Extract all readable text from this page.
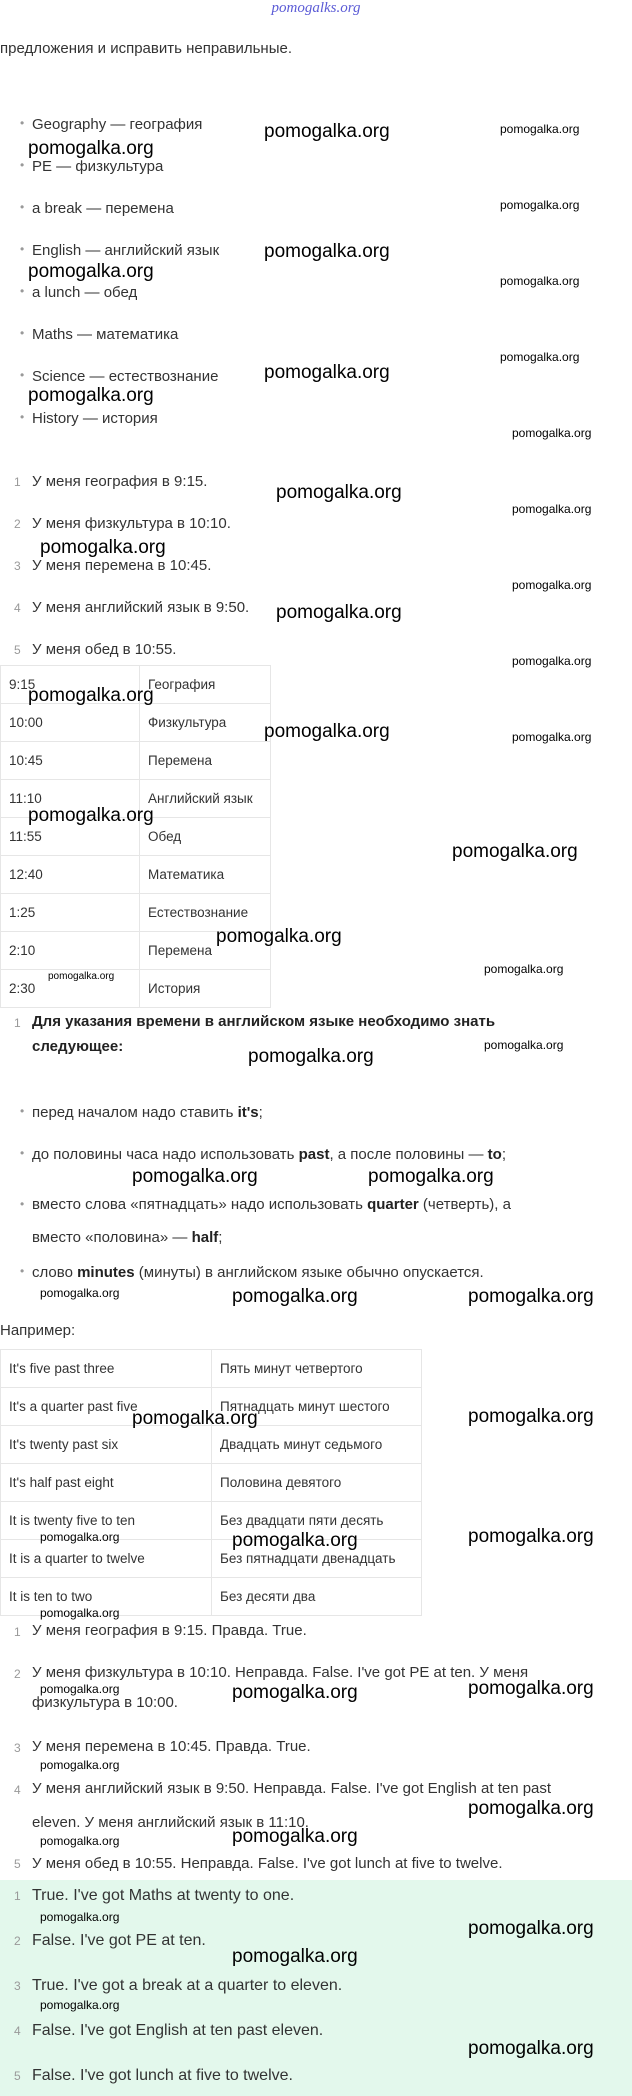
pomogalks.org
предложения и исправить неправильные.
• Geography — география
• PE — физкультура
• a break — перемена
• English — английский язык
• a lunch — обед
• Maths — математика
• Science — естествознание
• History — история
1 У меня география в 9:15.
2 У меня физкультура в 10:10.
3 У меня перемена в 10:45.
4 У меня английский язык в 9:50.
5 У меня обед в 10:55.
9:15	География
10:00	Физкультура
10:45	Перемена
11:10	Английский язык
11:55	Обед
12:40	Математика
1:25	Естествознание
2:10	Перемена
2:30	История
1 Для указания времени в английском языке необходимо знать
следующее:
• перед началом надо ставить it's;
• до половины часа надо использовать past, а после половины — to;
• вместо слова «пятнадцать» надо использовать quarter (четверть), а
вместо «половина» — half;
• слово minutes (минуты) в английском языке обычно опускается.
Например:
It's five past three	Пять минут четвертого
It's a quarter past five	Пятнадцать минут шестого
It's twenty past six	Двадцать минут седьмого
It's half past eight	Половина девятого
It is twenty five to ten	Без двадцати пяти десять
It is a quarter to twelve	Без пятнадцати двенадцать
It is ten to two	Без десяти два
1 У меня география в 9:15. Правда. True.
2 У меня физкультура в 10:10. Неправда. False. I've got PE at ten. У меня
физкультура в 10:00.
3 У меня перемена в 10:45. Правда. True.
4 У меня английский язык в 9:50. Неправда. False. I've got English at ten past
eleven. У меня английский язык в 11:10.
5 У меня обед в 10:55. Неправда. False. I've got lunch at five to twelve.
1 True. I've got Maths at twenty to one.
2 False. I've got PE at ten.
3 True. I've got a break at a quarter to eleven.
4 False. I've got English at ten past eleven.
5 False. I've got lunch at five to twelve.
pomogalka.org	pomogalka.org
pomogalka.org
pomogalka.org
pomogalka.org
pomogalka.org	pomogalka.org
pomogalka.org
pomogalka.org
pomogalka.org
pomogalka.org
pomogalka.org
pomogalka.org
pomogalka.org
pomogalka.org
pomogalka.org
pomogalka.org
pomogalka.org
pomogalka.org
pomogalka.org
pomogalka.org
pomogalka.org
pomogalka.org
pomogalka.org
pomogalka.org
pomogalka.org
pomogalka.org
pomogalka.org	pomogalka.org
pomogalka.org	pomogalka.org	pomogalka.org
pomogalka.org	pomogalka.org
pomogalka.org	pomogalka.org	pomogalka.org
pomogalka.org
pomogalka.org	pomogalka.org	pomogalka.org
pomogalka.org
pomogalka.org	pomogalka.org
pomogalka.org
pomogalka.org
pomogalka.org
pomogalka.org
pomogalka.org
pomogalka.org
